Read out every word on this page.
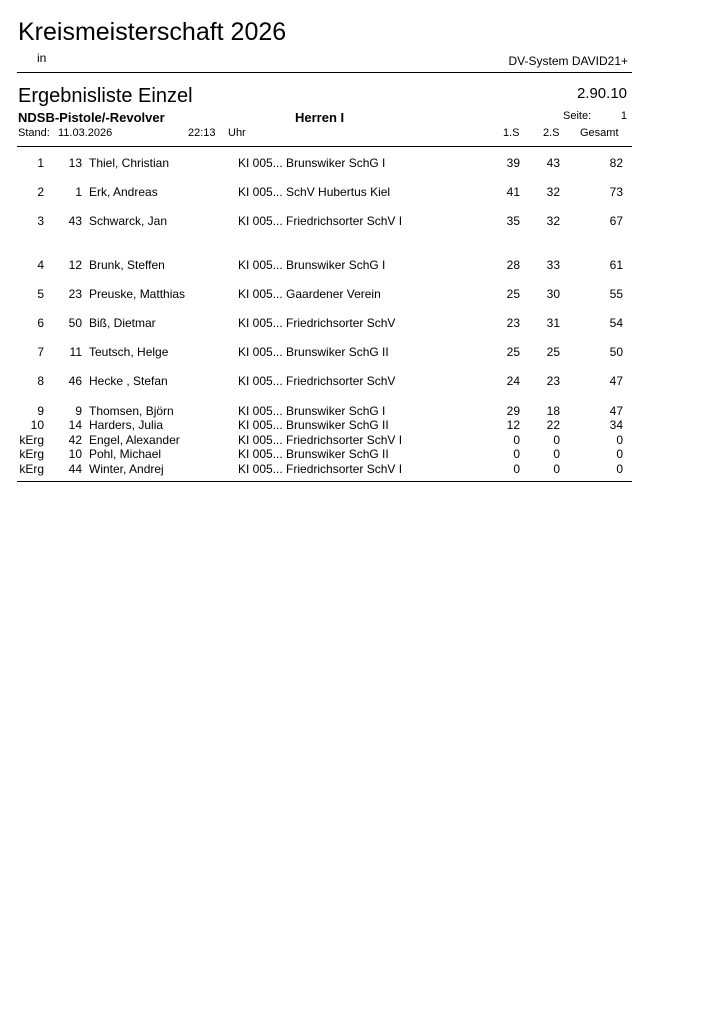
Kreismeisterschaft 2026
in	DV-System DAVID21+
Ergebnisliste Einzel	2.90.10
NDSB-Pistole/-Revolver	Herren I	Seite:	1
Stand: 11.03.2026	22:13 Uhr	1.S 2.S Gesamt
1	13 Thiel, Christian	KI 005... Brunswiker SchG I	39	43	82
2	1 Erk, Andreas	KI 005... SchV Hubertus Kiel	41	32	73
3	43 Schwarck, Jan	KI 005... Friedrichsorter SchV I	35	32	67
4	12 Brunk, Steffen	KI 005... Brunswiker SchG I	28	33	61
5	23 Preuske, Matthias	KI 005... Gaardener Verein	25	30	55
6	50 Biß, Dietmar	KI 005... Friedrichsorter SchV	23	31	54
7	11 Teutsch, Helge	KI 005... Brunswiker SchG II	25	25	50
8	46 Hecke , Stefan	KI 005... Friedrichsorter SchV	24	23	47
9	9 Thomsen, Björn	KI 005... Brunswiker SchG I	29	18	47
10	14 Harders, Julia	KI 005... Brunswiker SchG II	12	22	34
kErg	42 Engel, Alexander	KI 005... Friedrichsorter SchV I	0	0	0
kErg	10 Pohl, Michael	KI 005... Brunswiker SchG II	0	0	0
kErg	44 Winter, Andrej	KI 005... Friedrichsorter SchV I	0	0	0
